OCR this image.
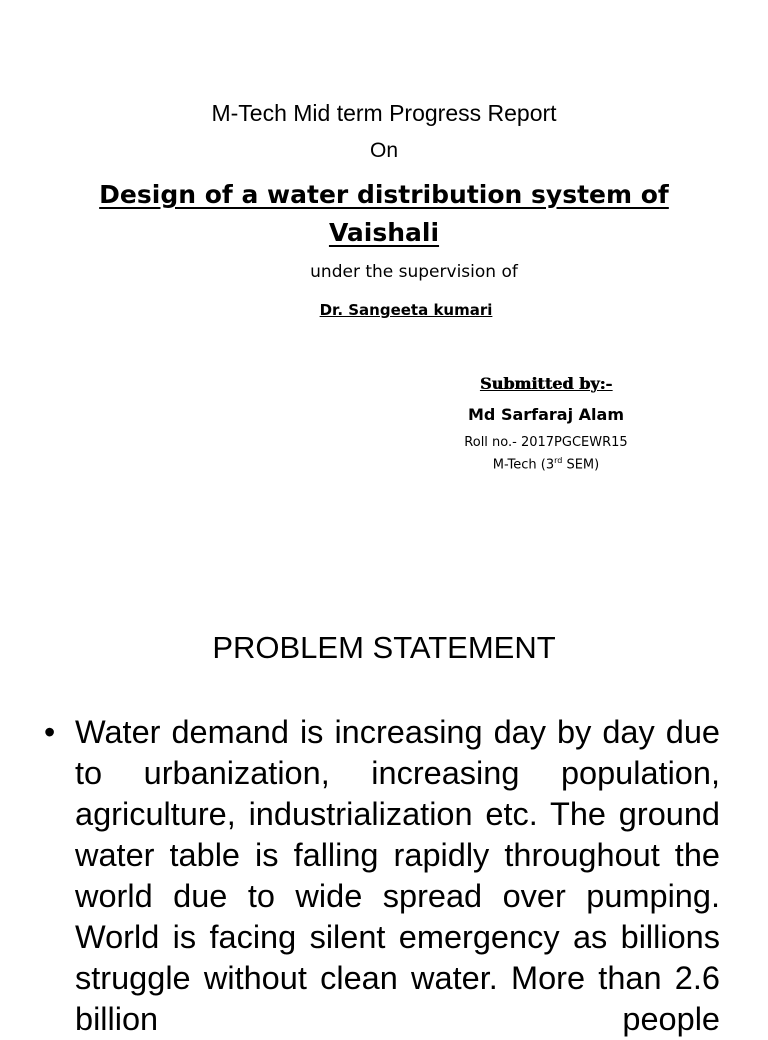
M-Tech Mid term Progress Report
On
Design of a water distribution system of Vaishali
under the supervision of
Dr. Sangeeta kumari
Submitted by:-
Md Sarfaraj Alam
Roll no.- 2017PGCEWR15
M-Tech (3rd SEM)
PROBLEM STATEMENT
• Water demand is increasing day by day due to urbanization, increasing population, agriculture, industrialization etc. The ground water table is falling rapidly throughout the world due to wide spread over pumping. World is facing silent emergency as billions struggle without clean water. More than 2.6 billion people
